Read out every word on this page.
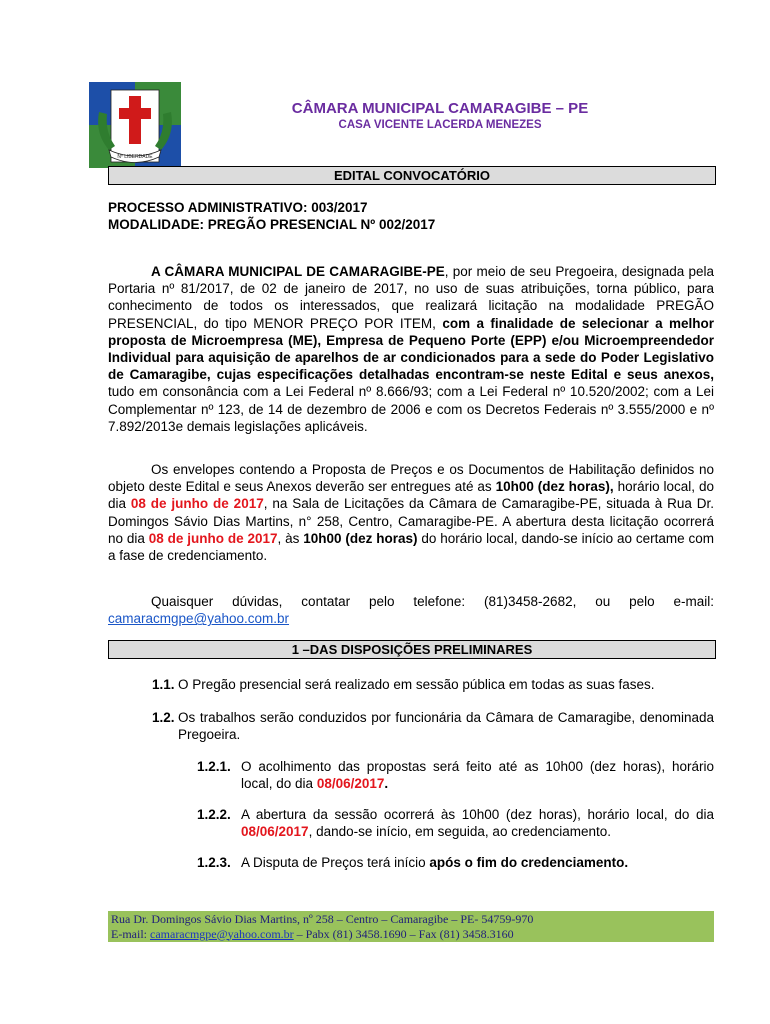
Nº LIBERDADE
CÂMARA MUNICIPAL CAMARAGIBE – PE
CASA VICENTE LACERDA MENEZES
EDITAL CONVOCATÓRIO
PROCESSO ADMINISTRATIVO: 003/2017
MODALIDADE: PREGÃO PRESENCIAL Nº 002/2017

A CÂMARA MUNICIPAL DE CAMARAGIBE-PE, por meio de seu Pregoeira, designada pela Portaria nº 81/2017, de 02 de janeiro de 2017, no uso de suas atribuições, torna público, para conhecimento de todos os interessados, que realizará licitação na modalidade PREGÃO PRESENCIAL, do tipo MENOR PREÇO POR ITEM, com a finalidade de selecionar a melhor proposta de Microempresa (ME), Empresa de Pequeno Porte (EPP) e/ou Microempreendedor Individual para aquisição de aparelhos de ar condicionados para a sede do Poder Legislativo de Camaragibe, cujas especificações detalhadas encontram-se neste Edital e seus anexos, tudo em consonância com a Lei Federal nº 8.666/93; com a Lei Federal nº 10.520/2002; com a Lei Complementar nº 123, de 14 de dezembro de 2006 e com os Decretos Federais nº 3.555/2000 e nº 7.892/2013e demais legislações aplicáveis.

Os envelopes contendo a Proposta de Preços e os Documentos de Habilitação definidos no objeto deste Edital e seus Anexos deverão ser entregues até as 10h00 (dez horas), horário local, do dia 08 de junho de 2017, na Sala de Licitações da Câmara de Camaragibe-PE, situada à Rua Dr. Domingos Sávio Dias Martins, n° 258, Centro, Camaragibe-PE. A abertura desta licitação ocorrerá no dia 08 de junho de 2017, às 10h00 (dez horas) do horário local, dando-se início ao certame com a fase de credenciamento.

Quaisquer dúvidas, contatar pelo telefone: (81)3458-2682, ou pelo e-mail: camaracmgpe@yahoo.com.br

1 –DAS DISPOSIÇÕES PRELIMINARES
1.1. O Pregão presencial será realizado em sessão pública em todas as suas fases.
1.2. Os trabalhos serão conduzidos por funcionária da Câmara de Camaragibe, denominada Pregoeira.
1.2.1. O acolhimento das propostas será feito até as 10h00 (dez horas), horário local, do dia 08/06/2017.
1.2.2. A abertura da sessão ocorrerá às 10h00 (dez horas), horário local, do dia 08/06/2017, dando-se início, em seguida, ao credenciamento.
1.2.3. A Disputa de Preços terá início após o fim do credenciamento.
Rua Dr. Domingos Sávio Dias Martins, nº 258 – Centro – Camaragibe – PE- 54759-970
E-mail: camaracmgpe@yahoo.com.br – Pabx (81) 3458.1690 – Fax (81) 3458.3160
